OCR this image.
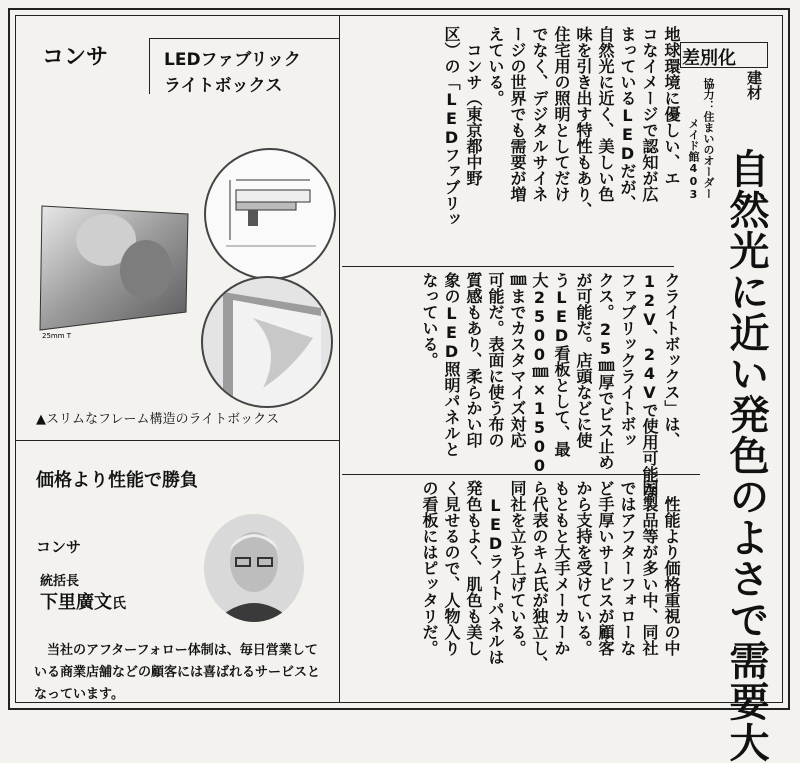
コンサ	LEDファブリック
ライトボックス
25mm T
▲スリムなフレーム構造のライトボックス
価格より性能で勝負
コンサ
統括長
下里廣文氏
当社のアフターフォロー体制は、毎日営業している商業店舗などの顧客には喜ばれるサービスとなっています。
差別化
建材
協力：住まいのオーダー
メイド館403 自然光に近い発色のよさで需要大
地球環境に優しい、エ
コなイメージで認知が広
まっているLEDだが、
自然光に近く、美しい色
味を引き出す特性もあり、
住宅用の照明としてだけ
でなく、デジタルサイネ
ージの世界でも需要が増
えている。
　コンサ（東京都中野
区）の「LEDファブリッ
クライトボックス」は、
12V、24Vで使用可能な
ファブリックライトボッ
クス。25㎜厚でビス止め
が可能だ。店頭などに使
うLED看板として、最
大2500㎜×1500
㎜までカスタマイズ対応
可能だ。表面に使う布の
質感もあり、柔らかい印
象のLED照明パネルと
なっている。
　性能より価格重視の中
国製品等が多い中、同社
ではアフターフォローな
ど手厚いサービスが顧客
から支持を受けている。
もともと大手メーカーか
ら代表のキム氏が独立し、
同社を立ち上げている。
　LEDライトパネルは
発色もよく、肌色も美し
く見せるので、人物入り
の看板にはピッタリだ。
